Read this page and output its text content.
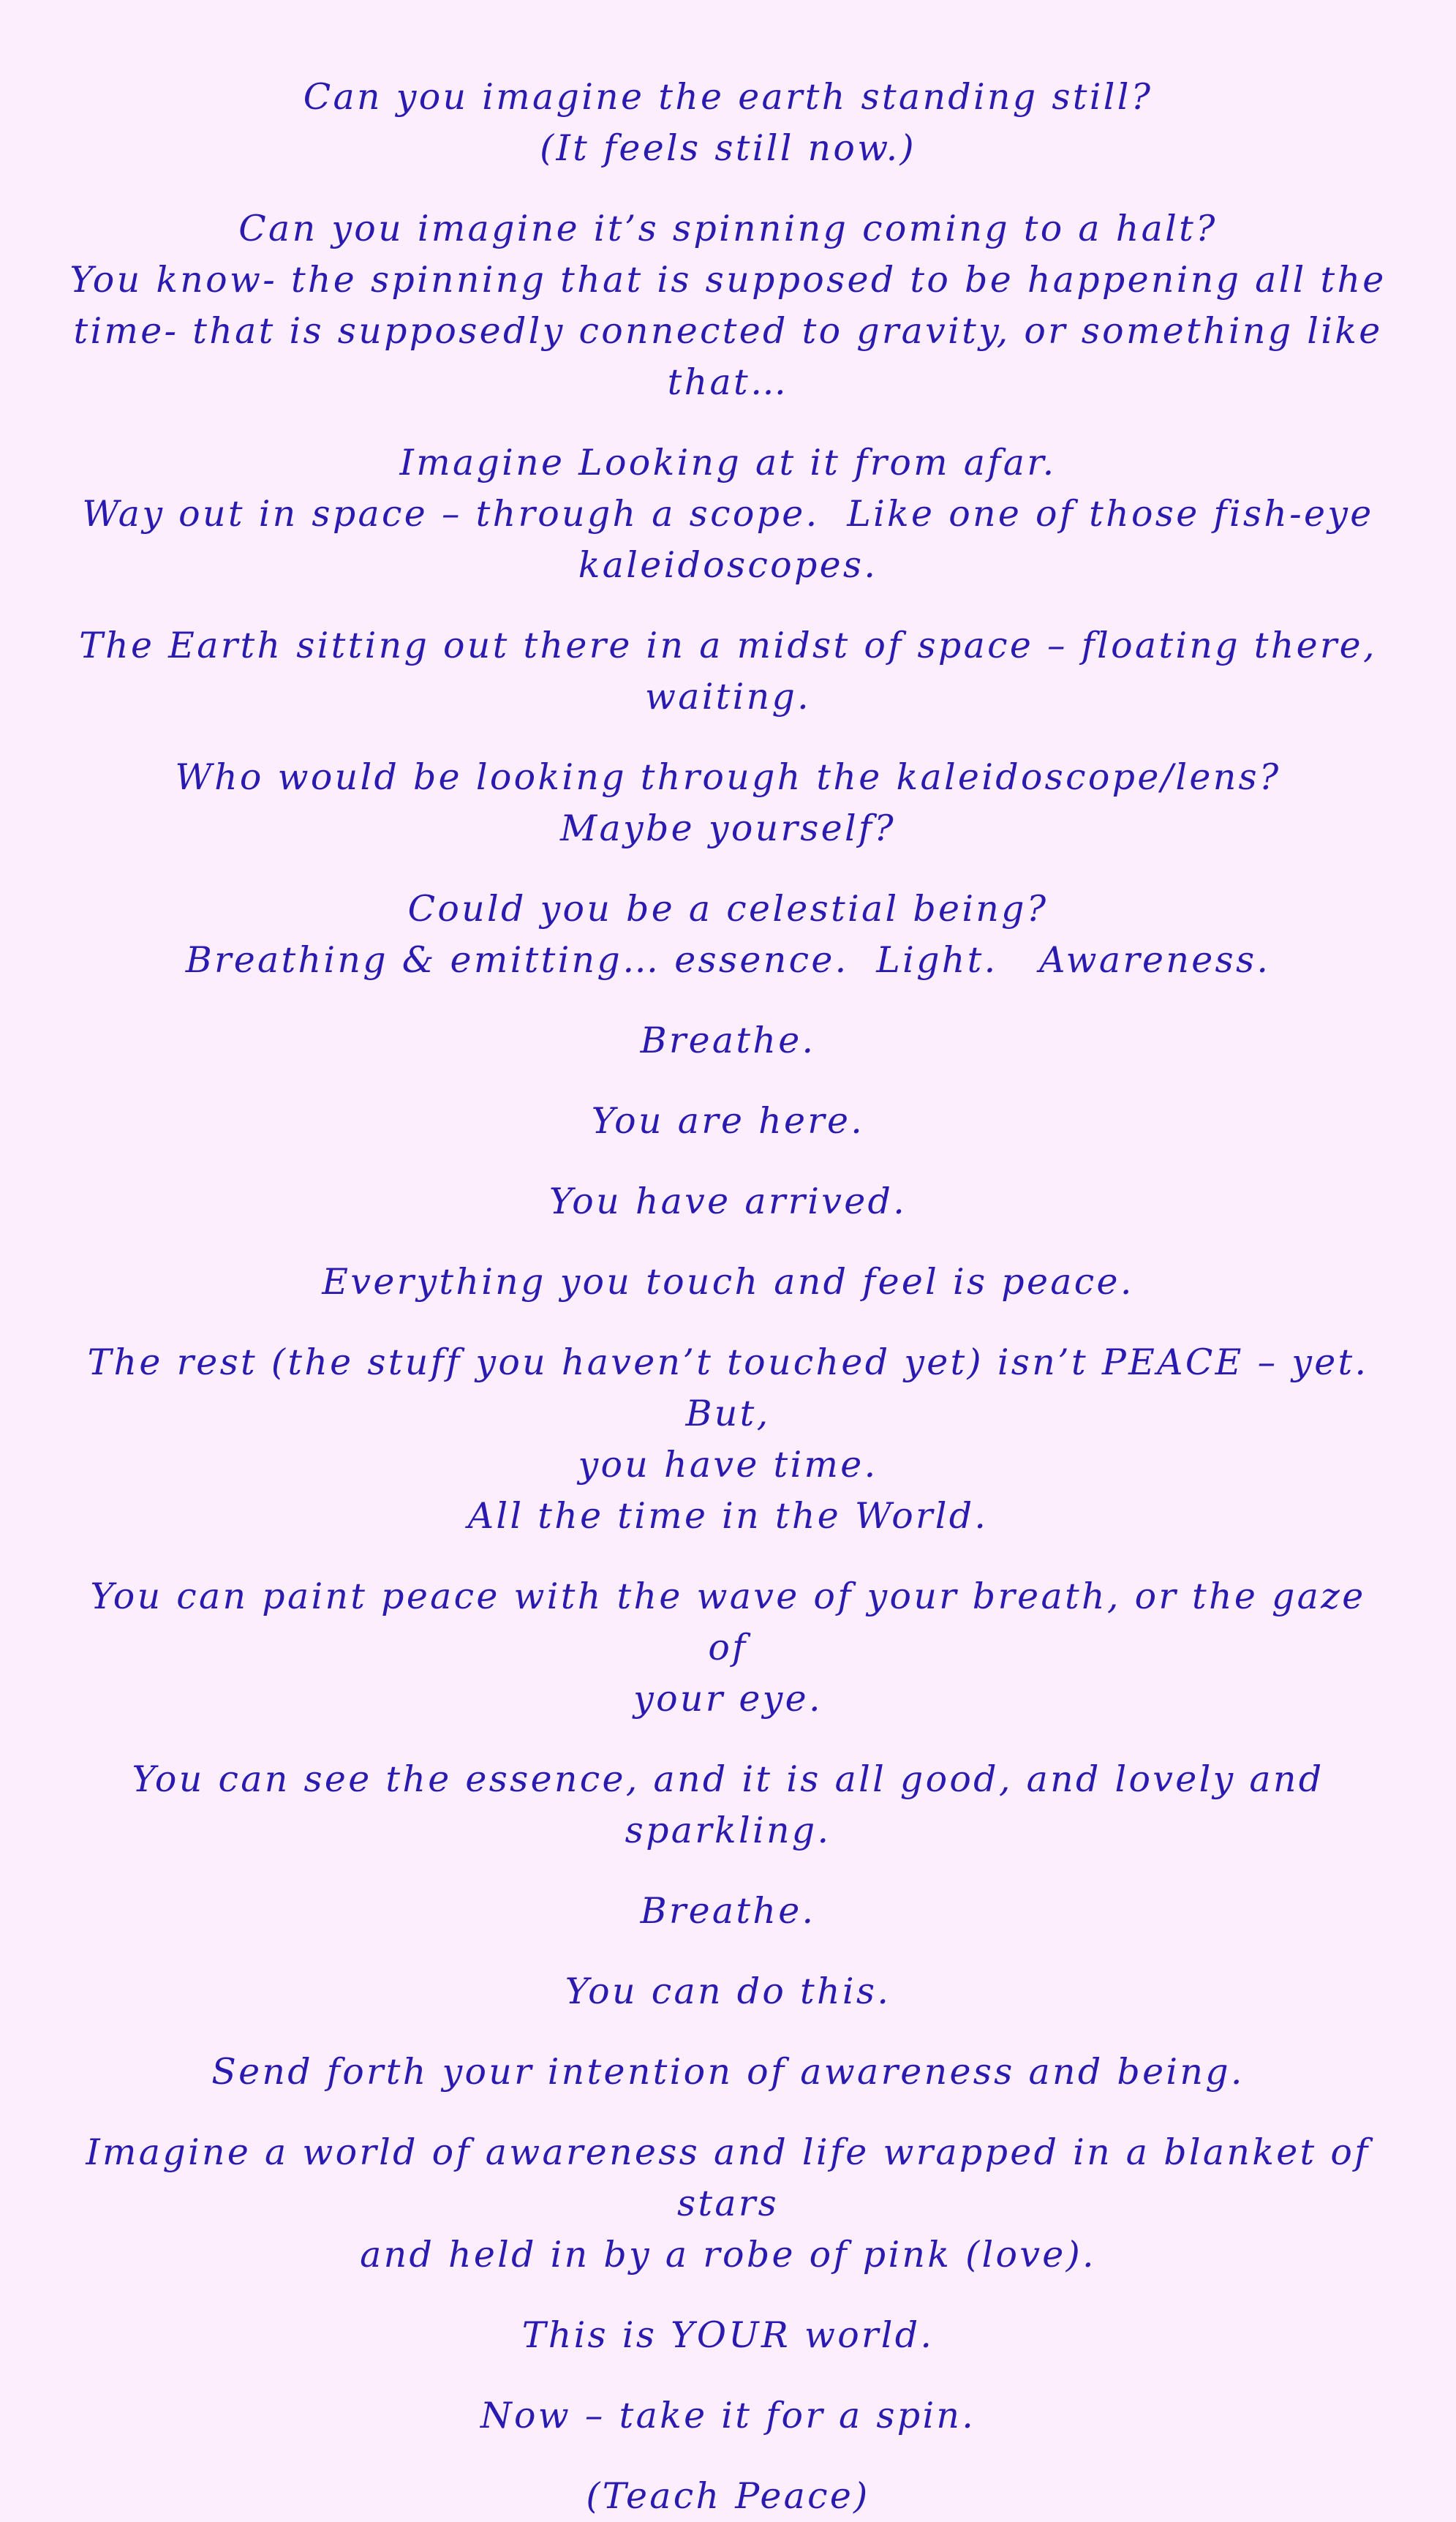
Can you imagine the earth standing still?
(It feels still now.)
Can you imagine it’s spinning coming to a halt?
You know- the spinning that is supposed to be happening all the
time- that is supposedly connected to gravity, or something like
that…
Imagine Looking at it from afar.
Way out in space – through a scope.  Like one of those fish-eye
kaleidoscopes.
The Earth sitting out there in a midst of space – floating there,
waiting.
Who would be looking through the kaleidoscope/lens?
Maybe yourself?
Could you be a celestial being?
Breathing & emitting… essence.  Light.   Awareness.
Breathe.
You are here.
You have arrived.
Everything you touch and feel is peace.
The rest (the stuff you haven’t touched yet) isn’t PEACE – yet.  But,
you have time.
All the time in the World.
You can paint peace with the wave of your breath, or the gaze of
your eye.
You can see the essence, and it is all good, and lovely and sparkling.
Breathe.
You can do this.
Send forth your intention of awareness and being.
Imagine a world of awareness and life wrapped in a blanket of stars
and held in by a robe of pink (love).
This is YOUR world.
Now – take it for a spin.
(Teach Peace)
